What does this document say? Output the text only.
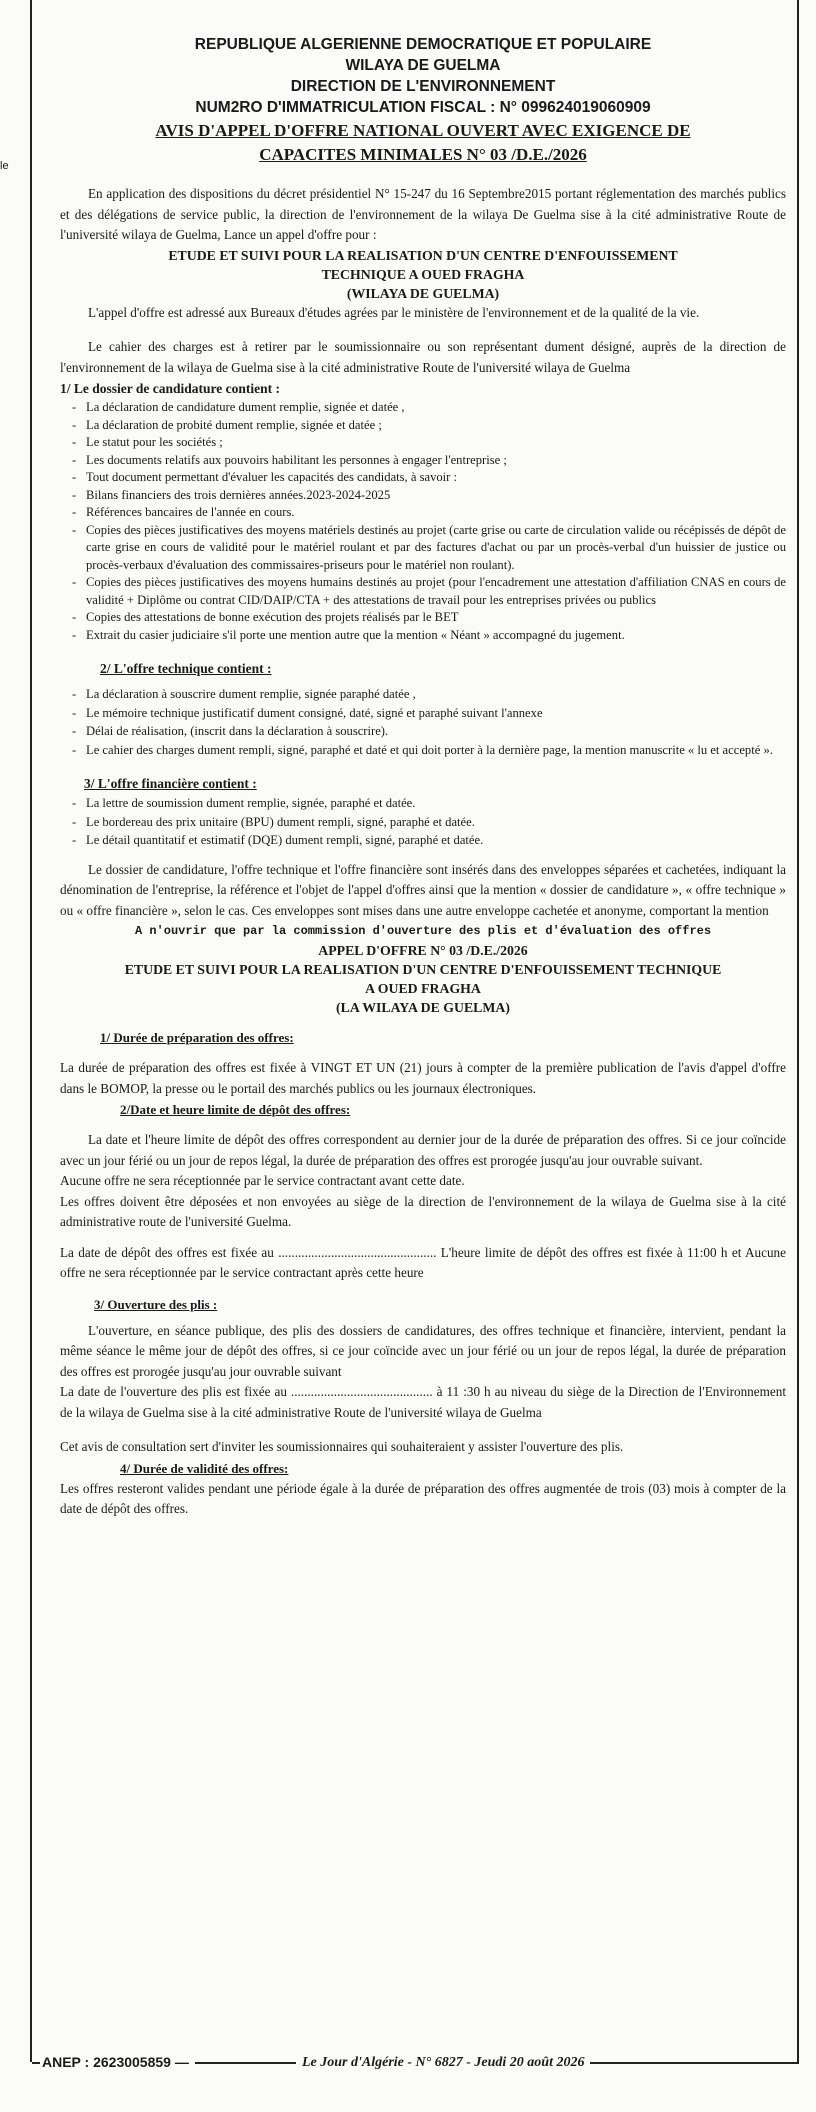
le
REPUBLIQUE ALGERIENNE DEMOCRATIQUE ET POPULAIRE
WILAYA DE GUELMA
DIRECTION DE L'ENVIRONNEMENT
NUM2RO D'IMMATRICULATION FISCAL : N° 099624019060909
AVIS D'APPEL D'OFFRE NATIONAL OUVERT AVEC EXIGENCE DE
CAPACITES MINIMALES N° 03 /D.E./2026

En application des dispositions du décret présidentiel N° 15-247 du 16 Septembre2015 portant réglementation des marchés publics et des délégations de service public, la direction de l'environnement de la wilaya De Guelma sise à la cité administrative Route de l'université wilaya de Guelma, Lance un appel d'offre pour :

ETUDE ET SUIVI POUR LA REALISATION D'UN CENTRE D'ENFOUISSEMENT
TECHNIQUE A OUED FRAGHA
(WILAYA DE GUELMA)

L'appel d'offre est adressé aux Bureaux d'études agrées par le ministère de l'environnement et de la qualité de la vie.

Le cahier des charges est à retirer par le soumissionnaire ou son représentant dument désigné, auprès de la direction de l'environnement de la wilaya de Guelma sise à la cité administrative Route de l'université wilaya de Guelma

1/ Le dossier de candidature contient :
- La déclaration de candidature dument remplie, signée et datée ,
- La déclaration de probité dument remplie, signée et datée ;
- Le statut pour les sociétés ;
- Les documents relatifs aux pouvoirs habilitant les personnes à engager l'entreprise ;
- Tout document permettant d'évaluer les capacités des candidats, à savoir :
- Bilans financiers des trois dernières années.2023-2024-2025
- Références bancaires de l'année en cours.
- Copies des pièces justificatives des moyens matériels destinés au projet (carte grise ou carte de circulation valide ou récépissés de dépôt de carte grise en cours de validité pour le matériel roulant et par des factures d'achat ou par un procès-verbal d'un huissier de justice ou procès-verbaux d'évaluation des commissaires-priseurs pour le matériel non roulant).
- Copies des pièces justificatives des moyens humains destinés au projet (pour l'encadrement une attestation d'affiliation CNAS en cours de validité + Diplôme ou contrat CID/DAIP/CTA + des attestations de travail pour les entreprises privées ou publics
- Copies des attestations de bonne exécution des projets réalisés par le BET
- Extrait du casier judiciaire s'il porte une mention autre que la mention « Néant » accompagné du jugement.
2/ L'offre technique contient :
- La déclaration à souscrire dument remplie, signée paraphé datée ,
- Le mémoire technique justificatif dument consigné, daté, signé et paraphé suivant l'annexe
- Délai de réalisation, (inscrit dans la déclaration à souscrire).
- Le cahier des charges dument rempli, signé, paraphé et daté et qui doit porter à la dernière page, la mention manuscrite « lu et accepté ».
3/ L'offre financière contient :
- La lettre de soumission dument remplie, signée, paraphé et datée.
- Le bordereau des prix unitaire (BPU) dument rempli, signé, paraphé et datée.
- Le détail quantitatif et estimatif (DQE) dument rempli, signé, paraphé et datée.

Le dossier de candidature, l'offre technique et l'offre financière sont insérés dans des enveloppes séparées et cachetées, indiquant la dénomination de l'entreprise, la référence et l'objet de l'appel d'offres ainsi que la mention « dossier de candidature », « offre technique » ou « offre financière », selon le cas. Ces enveloppes sont mises dans une autre enveloppe cachetée et anonyme, comportant la mention

A n'ouvrir que par la commission d'ouverture des plis et d'évaluation des offres
APPEL D'OFFRE N° 03 /D.E./2026
ETUDE ET SUIVI POUR LA REALISATION D'UN CENTRE D'ENFOUISSEMENT TECHNIQUE
A OUED FRAGHA
(LA WILAYA DE GUELMA)
1/ Durée de préparation des offres:

La durée de préparation des offres est fixée à VINGT ET UN (21) jours à compter de la première publication de l'avis d'appel d'offre dans le BOMOP, la presse ou le portail des marchés publics ou les journaux électroniques.

2/Date et heure limite de dépôt des offres:

La date et l'heure limite de dépôt des offres correspondent au dernier jour de la durée de préparation des offres. Si ce jour coïncide avec un jour férié ou un jour de repos légal, la durée de préparation des offres est prorogée jusqu'au jour ouvrable suivant.

Aucune offre ne sera réceptionnée par le service contractant avant cette date.

Les offres doivent être déposées et non envoyées au siège de la direction de l'environnement de la wilaya de Guelma sise à la cité administrative route de l'université Guelma.

La date de dépôt des offres est fixée au ................................................ L'heure limite de dépôt des offres est fixée à 11:00 h et Aucune offre ne sera réceptionnée par le service contractant après cette heure

3/ Ouverture des plis :

L'ouverture, en séance publique, des plis des dossiers de candidatures, des offres technique et financière, intervient, pendant la même séance le même jour de dépôt des offres, si ce jour coïncide avec un jour férié ou un jour de repos légal, la durée de préparation des offres est prorogée jusqu'au jour ouvrable suivant

La date de l'ouverture des plis est fixée au ........................................... à 11 :30 h au niveau du siège de la Direction de l'Environnement de la wilaya de Guelma sise à la cité administrative Route de l'université wilaya de Guelma

Cet avis de consultation sert d'inviter les soumissionnaires qui souhaiteraient y assister l'ouverture des plis.

4/ Durée de validité des offres:

Les offres resteront valides pendant une période égale à la durée de préparation des offres augmentée de trois (03) mois à compter de la date de dépôt des offres.

ANEP : 2623005859 —	Le Jour d'Algérie - N° 6827 - Jeudi 20 août 2026
